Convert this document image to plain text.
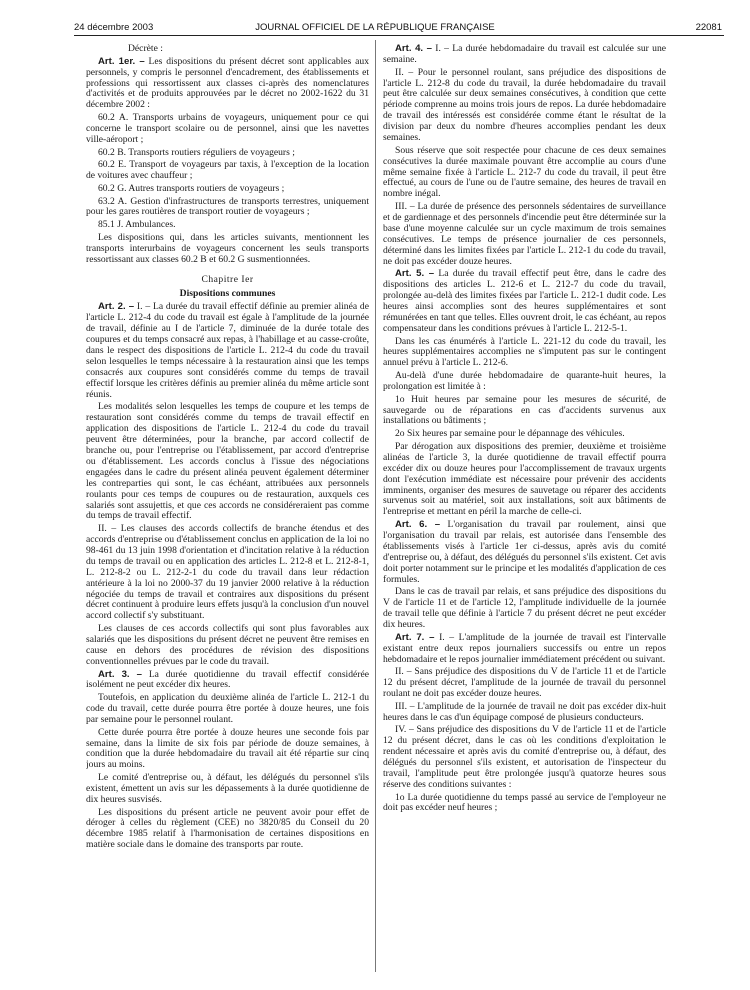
24 décembre 2003	JOURNAL OFFICIEL DE LA RÉPUBLIQUE FRANÇAISE	22081

Décrète :

Art. 1er. – Les dispositions du présent décret sont applicables aux personnels, y compris le personnel d'encadrement, des établissements et professions qui ressortissent aux classes ci-après des nomenclatures d'activités et de produits approuvées par le décret no 2002-1622 du 31 décembre 2002 :

60.2 A. Transports urbains de voyageurs, uniquement pour ce qui concerne le transport scolaire ou de personnel, ainsi que les navettes ville-aéroport ;

60.2 B. Transports routiers réguliers de voyageurs ;

60.2 E. Transport de voyageurs par taxis, à l'exception de la location de voitures avec chauffeur ;

60.2 G. Autres transports routiers de voyageurs ;

63.2 A. Gestion d'infrastructures de transports terrestres, uniquement pour les gares routières de transport routier de voyageurs ;

85.1 J. Ambulances.

Les dispositions qui, dans les articles suivants, mentionnent les transports interurbains de voyageurs concernent les seuls transports ressortissant aux classes 60.2 B et 60.2 G susmentionnées.

Chapitre Ier

Dispositions communes

Art. 2. – I. – La durée du travail effectif définie au premier alinéa de l'article L. 212-4 du code du travail est égale à l'amplitude de la journée de travail, définie au I de l'article 7, diminuée de la durée totale des coupures et du temps consacré aux repas, à l'habillage et au casse-croûte, dans le respect des dispositions de l'article L. 212-4 du code du travail selon lesquelles le temps nécessaire à la restauration ainsi que les temps consacrés aux coupures sont considérés comme du temps de travail effectif lorsque les critères définis au premier alinéa du même article sont réunis.

Les modalités selon lesquelles les temps de coupure et les temps de restauration sont considérés comme du temps de travail effectif en application des dispositions de l'article L. 212-4 du code du travail peuvent être déterminées, pour la branche, par accord collectif de branche ou, pour l'entreprise ou l'établissement, par accord d'entreprise ou d'établissement. Les accords conclus à l'issue des négociations engagées dans le cadre du présent alinéa peuvent également déterminer les contreparties qui sont, le cas échéant, attribuées aux personnels roulants pour ces temps de coupures ou de restauration, auxquels ces salariés sont assujettis, et que ces accords ne considéreraient pas comme du temps de travail effectif.

II. – Les clauses des accords collectifs de branche étendus et des accords d'entreprise ou d'établissement conclus en application de la loi no 98-461 du 13 juin 1998 d'orientation et d'incitation relative à la réduction du temps de travail ou en application des articles L. 212-8 et L. 212-8-1, L. 212-8-2 ou L. 212-2-1 du code du travail dans leur rédaction antérieure à la loi no 2000-37 du 19 janvier 2000 relative à la réduction négociée du temps de travail et contraires aux dispositions du présent décret continuent à produire leurs effets jusqu'à la conclusion d'un nouvel accord collectif s'y substituant.

Les clauses de ces accords collectifs qui sont plus favorables aux salariés que les dispositions du présent décret ne peuvent être remises en cause en dehors des procédures de révision des dispositions conventionnelles prévues par le code du travail.

Art. 3. – La durée quotidienne du travail effectif considérée isolément ne peut excéder dix heures.

Toutefois, en application du deuxième alinéa de l'article L. 212-1 du code du travail, cette durée pourra être portée à douze heures, une fois par semaine pour le personnel roulant.

Cette durée pourra être portée à douze heures une seconde fois par semaine, dans la limite de six fois par période de douze semaines, à condition que la durée hebdomadaire du travail ait été répartie sur cinq jours au moins.

Le comité d'entreprise ou, à défaut, les délégués du personnel s'ils existent, émettent un avis sur les dépassements à la durée quotidienne de dix heures susvisés.

Les dispositions du présent article ne peuvent avoir pour effet de déroger à celles du règlement (CEE) no 3820/85 du Conseil du 20 décembre 1985 relatif à l'harmonisation de certaines dispositions en matière sociale dans le domaine des transports par route.

Art. 4. – I. – La durée hebdomadaire du travail est calculée sur une semaine.

II. – Pour le personnel roulant, sans préjudice des dispositions de l'article L. 212-8 du code du travail, la durée hebdomadaire du travail peut être calculée sur deux semaines consécutives, à condition que cette période comprenne au moins trois jours de repos. La durée hebdomadaire de travail des intéressés est considérée comme étant le résultat de la division par deux du nombre d'heures accomplies pendant les deux semaines.

Sous réserve que soit respectée pour chacune de ces deux semaines consécutives la durée maximale pouvant être accomplie au cours d'une même semaine fixée à l'article L. 212-7 du code du travail, il peut être effectué, au cours de l'une ou de l'autre semaine, des heures de travail en nombre inégal.

III. – La durée de présence des personnels sédentaires de surveillance et de gardiennage et des personnels d'incendie peut être déterminée sur la base d'une moyenne calculée sur un cycle maximum de trois semaines consécutives. Le temps de présence journalier de ces personnels, déterminé dans les limites fixées par l'article L. 212-1 du code du travail, ne doit pas excéder douze heures.

Art. 5. – La durée du travail effectif peut être, dans le cadre des dispositions des articles L. 212-6 et L. 212-7 du code du travail, prolongée au-delà des limites fixées par l'article L. 212-1 dudit code. Les heures ainsi accomplies sont des heures supplémentaires et sont rémunérées en tant que telles. Elles ouvrent droit, le cas échéant, au repos compensateur dans les conditions prévues à l'article L. 212-5-1.

Dans les cas énumérés à l'article L. 221-12 du code du travail, les heures supplémentaires accomplies ne s'imputent pas sur le contingent annuel prévu à l'article L. 212-6.

Au-delà d'une durée hebdomadaire de quarante-huit heures, la prolongation est limitée à :

1o Huit heures par semaine pour les mesures de sécurité, de sauvegarde ou de réparations en cas d'accidents survenus aux installations ou bâtiments ;

2o Six heures par semaine pour le dépannage des véhicules.

Par dérogation aux dispositions des premier, deuxième et troisième alinéas de l'article 3, la durée quotidienne de travail effectif pourra excéder dix ou douze heures pour l'accomplissement de travaux urgents dont l'exécution immédiate est nécessaire pour prévenir des accidents imminents, organiser des mesures de sauvetage ou réparer des accidents survenus soit au matériel, soit aux installations, soit aux bâtiments de l'entreprise et mettant en péril la marche de celle-ci.

Art. 6. – L'organisation du travail par roulement, ainsi que l'organisation du travail par relais, est autorisée dans l'ensemble des établissements visés à l'article 1er ci-dessus, après avis du comité d'entreprise ou, à défaut, des délégués du personnel s'ils existent. Cet avis doit porter notamment sur le principe et les modalités d'application de ces formules.

Dans le cas de travail par relais, et sans préjudice des dispositions du V de l'article 11 et de l'article 12, l'amplitude individuelle de la journée de travail telle que définie à l'article 7 du présent décret ne peut excéder dix heures.

Art. 7. – I. – L'amplitude de la journée de travail est l'intervalle existant entre deux repos journaliers successifs ou entre un repos hebdomadaire et le repos journalier immédiatement précédent ou suivant.

II. – Sans préjudice des dispositions du V de l'article 11 et de l'article 12 du présent décret, l'amplitude de la journée de travail du personnel roulant ne doit pas excéder douze heures.

III. – L'amplitude de la journée de travail ne doit pas excéder dix-huit heures dans le cas d'un équipage composé de plusieurs conducteurs.

IV. – Sans préjudice des dispositions du V de l'article 11 et de l'article 12 du présent décret, dans le cas où les conditions d'exploitation le rendent nécessaire et après avis du comité d'entreprise ou, à défaut, des délégués du personnel s'ils existent, et autorisation de l'inspecteur du travail, l'amplitude peut être prolongée jusqu'à quatorze heures sous réserve des conditions suivantes :

1o La durée quotidienne du temps passé au service de l'employeur ne doit pas excéder neuf heures ;
